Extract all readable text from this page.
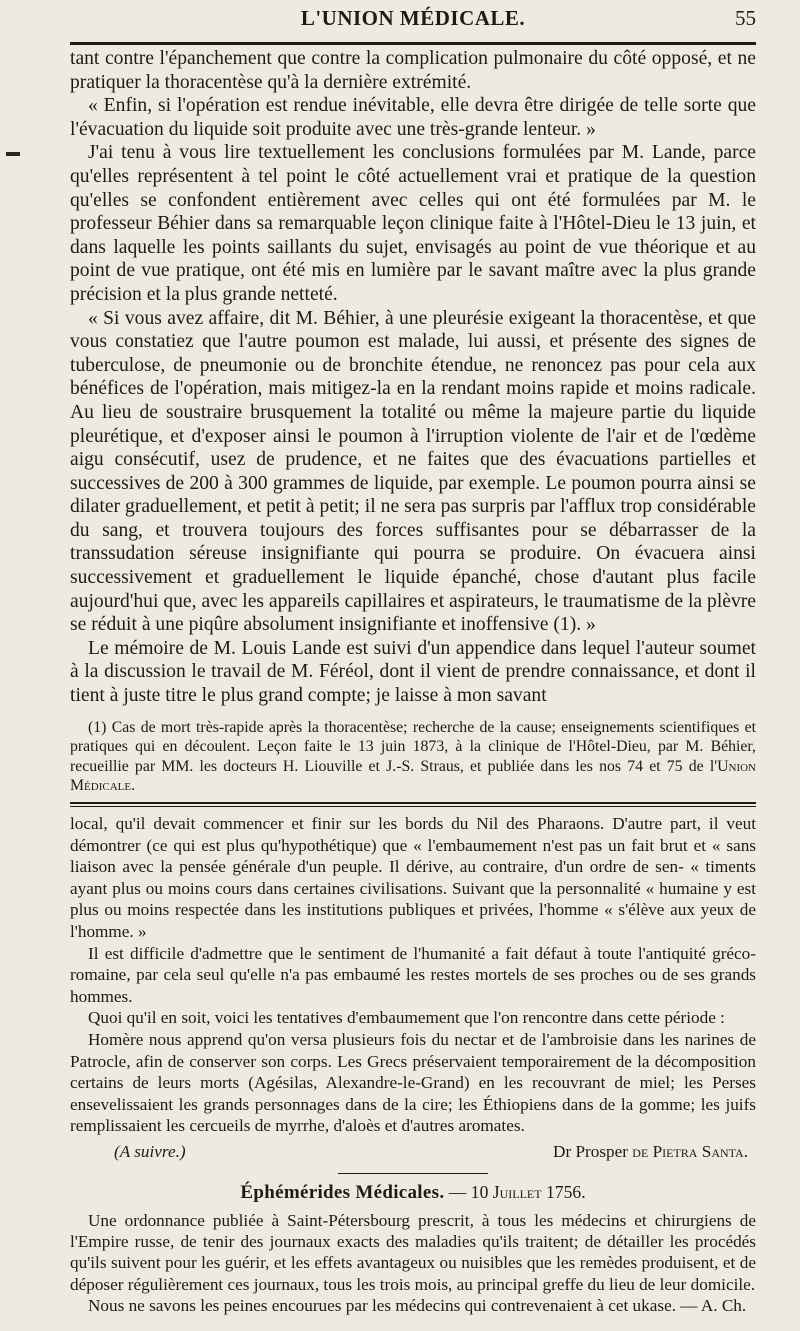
L'UNION MÉDICALE.	55

tant contre l'épanchement que contre la complication pulmonaire du côté opposé, et ne pratiquer la thoracentèse qu'à la dernière extrémité.

« Enfin, si l'opération est rendue inévitable, elle devra être dirigée de telle sorte que l'évacuation du liquide soit produite avec une très-grande lenteur. »

J'ai tenu à vous lire textuellement les conclusions formulées par M. Lande, parce qu'elles représentent à tel point le côté actuellement vrai et pratique de la question qu'elles se confondent entièrement avec celles qui ont été formulées par M. le professeur Béhier dans sa remarquable leçon clinique faite à l'Hôtel-Dieu le 13 juin, et dans laquelle les points saillants du sujet, envisagés au point de vue théorique et au point de vue pratique, ont été mis en lumière par le savant maître avec la plus grande précision et la plus grande netteté.

« Si vous avez affaire, dit M. Béhier, à une pleurésie exigeant la thoracentèse, et que vous constatiez que l'autre poumon est malade, lui aussi, et présente des signes de tuberculose, de pneumonie ou de bronchite étendue, ne renoncez pas pour cela aux bénéfices de l'opération, mais mitigez-la en la rendant moins rapide et moins radicale. Au lieu de soustraire brusquement la totalité ou même la majeure partie du liquide pleurétique, et d'exposer ainsi le poumon à l'irruption violente de l'air et de l'œdème aigu consécutif, usez de prudence, et ne faites que des évacuations partielles et successives de 200 à 300 grammes de liquide, par exemple. Le poumon pourra ainsi se dilater graduellement, et petit à petit; il ne sera pas surpris par l'afflux trop considérable du sang, et trouvera toujours des forces suffisantes pour se débarrasser de la transsudation séreuse insignifiante qui pourra se produire. On évacuera ainsi successivement et graduellement le liquide épanché, chose d'autant plus facile aujourd'hui que, avec les appareils capillaires et aspirateurs, le traumatisme de la plèvre se réduit à une piqûre absolument insignifiante et inoffensive (1). »

Le mémoire de M. Louis Lande est suivi d'un appendice dans lequel l'auteur soumet à la discussion le travail de M. Féréol, dont il vient de prendre connaissance, et dont il tient à juste titre le plus grand compte; je laisse à mon savant

(1) Cas de mort très-rapide après la thoracentèse; recherche de la cause; enseignements scientifiques et pratiques qui en découlent. Leçon faite le 13 juin 1873, à la clinique de l'Hôtel-Dieu, par M. Béhier, recueillie par MM. les docteurs H. Liouville et J.-S. Straus, et publiée dans les nos 74 et 75 de l'Union Médicale.

local, qu'il devait commencer et finir sur les bords du Nil des Pharaons. D'autre part, il veut démontrer (ce qui est plus qu'hypothétique) que « l'embaumement n'est pas un fait brut et « sans liaison avec la pensée générale d'un peuple. Il dérive, au contraire, d'un ordre de sen- « timents ayant plus ou moins cours dans certaines civilisations. Suivant que la personnalité « humaine y est plus ou moins respectée dans les institutions publiques et privées, l'homme « s'élève aux yeux de l'homme. »

Il est difficile d'admettre que le sentiment de l'humanité a fait défaut à toute l'antiquité gréco-romaine, par cela seul qu'elle n'a pas embaumé les restes mortels de ses proches ou de ses grands hommes.

Quoi qu'il en soit, voici les tentatives d'embaumement que l'on rencontre dans cette période :

Homère nous apprend qu'on versa plusieurs fois du nectar et de l'ambroisie dans les narines de Patrocle, afin de conserver son corps. Les Grecs préservaient temporairement de la décomposition certains de leurs morts (Agésilas, Alexandre-le-Grand) en les recouvrant de miel; les Perses ensevelissaient les grands personnages dans de la cire; les Éthiopiens dans de la gomme; les juifs remplissaient les cercueils de myrrhe, d'aloès et d'autres aromates.

(A suivre.)	Dr Prosper de Pietra Santa.
Éphémérides Médicales. — 10 Juillet 1756.

Une ordonnance publiée à Saint-Pétersbourg prescrit, à tous les médecins et chirurgiens de l'Empire russe, de tenir des journaux exacts des maladies qu'ils traitent; de détailler les procédés qu'ils suivent pour les guérir, et les effets avantageux ou nuisibles que les remèdes produisent, et de déposer régulièrement ces journaux, tous les trois mois, au principal greffe du lieu de leur domicile.

Nous ne savons les peines encourues par les médecins qui contrevenaient à cet ukase. — A. Ch.
